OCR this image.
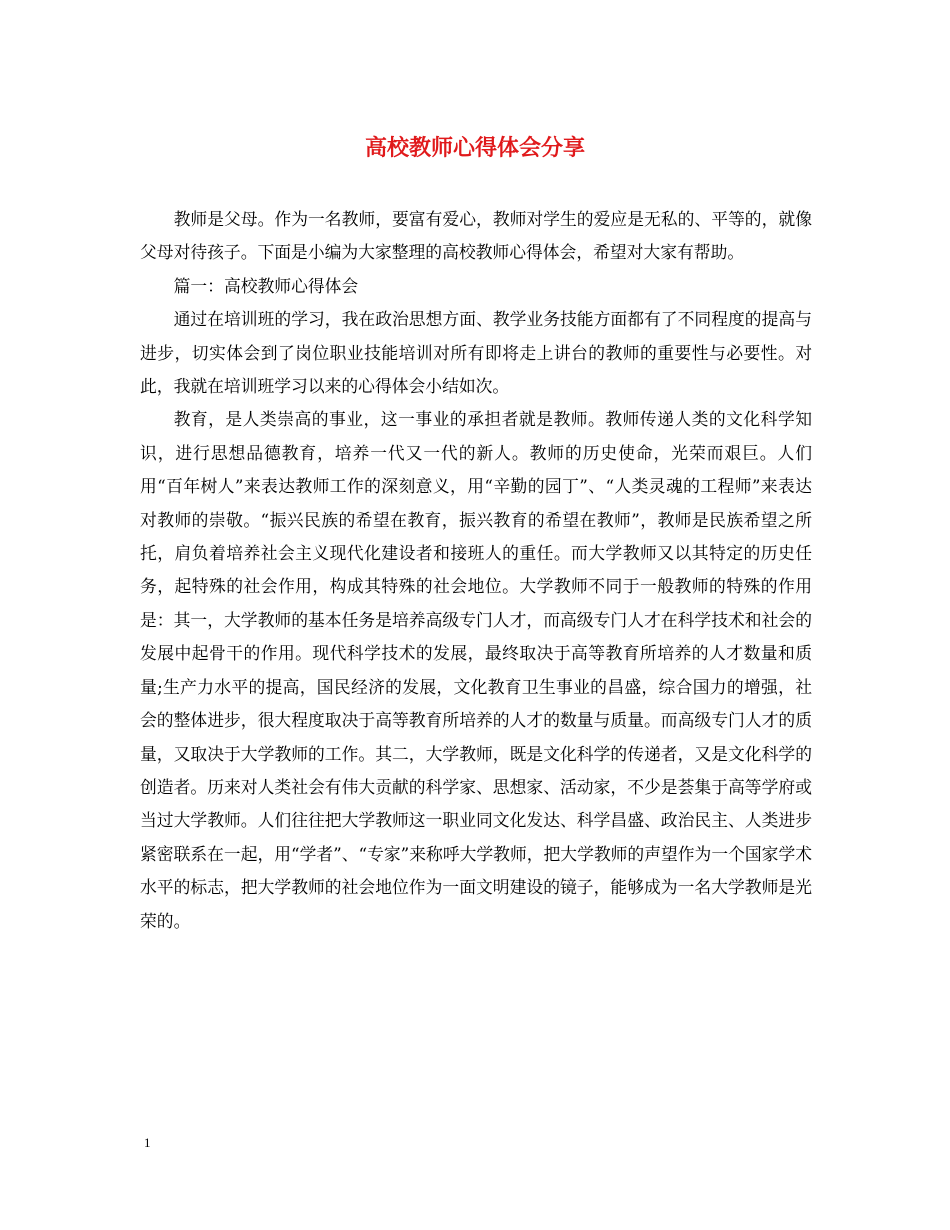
高校教师心得体会分享

教师是父母。作为一名教师，要富有爱心，教师对学生的爱应是无私的、平等的，就像父母对待孩子。下面是小编为大家整理的高校教师心得体会，希望对大家有帮助。

篇一：高校教师心得体会

通过在培训班的学习，我在政治思想方面、教学业务技能方面都有了不同程度的提高与进步，切实体会到了岗位职业技能培训对所有即将走上讲台的教师的重要性与必要性。对此，我就在培训班学习以来的心得体会小结如次。

教育，是人类崇高的事业，这一事业的承担者就是教师。教师传递人类的文化科学知识，进行思想品德教育，培养一代又一代的新人。教师的历史使命，光荣而艰巨。人们用“百年树人”来表达教师工作的深刻意义，用“辛勤的园丁”、“人类灵魂的工程师”来表达对教师的崇敬。“振兴民族的希望在教育，振兴教育的希望在教师”，教师是民族希望之所托，肩负着培养社会主义现代化建设者和接班人的重任。而大学教师又以其特定的历史任务，起特殊的社会作用，构成其特殊的社会地位。大学教师不同于一般教师的特殊的作用是：其一，大学教师的基本任务是培养高级专门人才，而高级专门人才在科学技术和社会的发展中起骨干的作用。现代科学技术的发展，最终取决于高等教育所培养的人才数量和质量;生产力水平的提高，国民经济的发展，文化教育卫生事业的昌盛，综合国力的增强，社会的整体进步，很大程度取决于高等教育所培养的人才的数量与质量。而高级专门人才的质量，又取决于大学教师的工作。其二，大学教师，既是文化科学的传递者，又是文化科学的创造者。历来对人类社会有伟大贡献的科学家、思想家、活动家，不少是荟集于高等学府或当过大学教师。人们往往把大学教师这一职业同文化发达、科学昌盛、政治民主、人类进步紧密联系在一起，用“学者”、“专家”来称呼大学教师，把大学教师的声望作为一个国家学术水平的标志，把大学教师的社会地位作为一面文明建设的镜子，能够成为一名大学教师是光荣的。

1
